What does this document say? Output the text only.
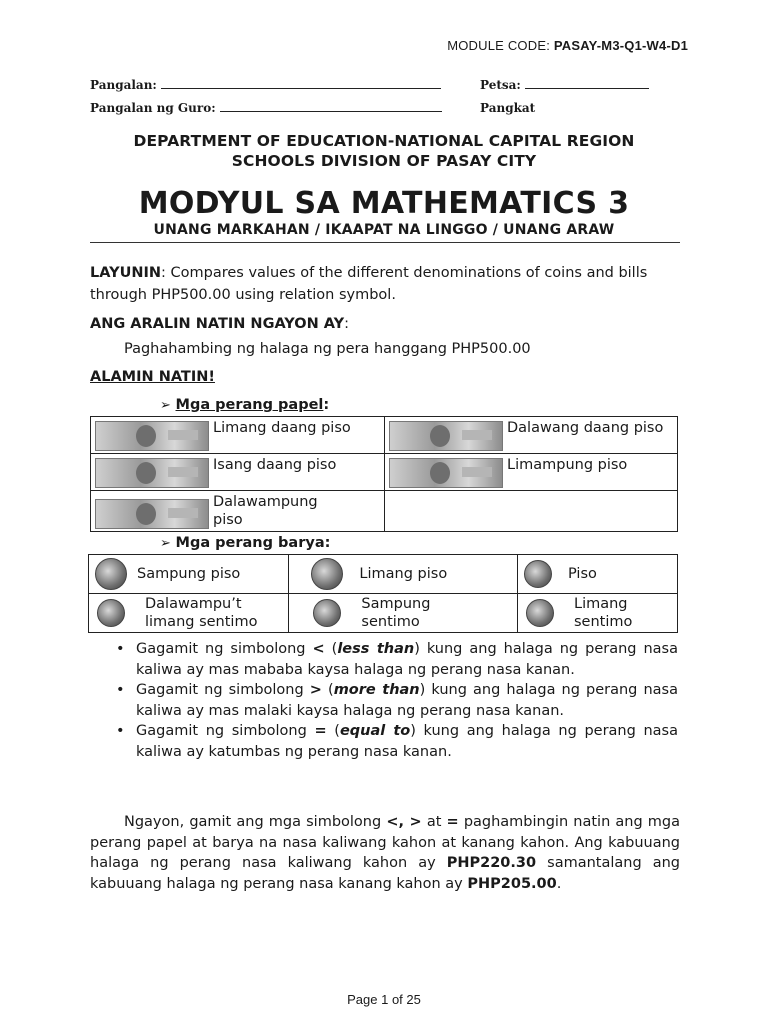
MODULE CODE: PASAY-M3-Q1-W4-D1
Pangalan:	Petsa:
Pangalan ng Guro:	Pangkat
DEPARTMENT OF EDUCATION-NATIONAL CAPITAL REGION
SCHOOLS DIVISION OF PASAY CITY
MODYUL SA MATHEMATICS 3
UNANG MARKAHAN / IKAAPAT NA LINGGO / UNANG ARAW
LAYUNIN: Compares values of the different denominations of coins and bills through PHP500.00 using relation symbol.
ANG ARALIN NATIN NGAYON AY:
Paghahambing ng halaga ng pera hanggang PHP500.00
ALAMIN NATIN!
➢ Mga perang papel:
Limang daang piso	Dalawang daang piso

Isang daang piso	Limampung piso

Dalawampung piso	

➢ Mga perang barya:
Sampung piso	Limang piso	Piso

Dalawampu’t limang sentimo	Sampung sentimo	Limang sentimo
• Gagamit ng simbolong < (less than) kung ang halaga ng perang nasa kaliwa ay mas mababa kaysa halaga ng perang nasa kanan.
• Gagamit ng simbolong > (more than) kung ang halaga ng perang nasa kaliwa ay mas malaki kaysa halaga ng perang nasa kanan.
• Gagamit ng simbolong = (equal to) kung ang halaga ng perang nasa kaliwa ay katumbas ng perang nasa kanan.
Ngayon, gamit ang mga simbolong <, > at = paghambingin natin ang mga perang papel at barya na nasa kaliwang kahon at kanang kahon. Ang kabuuang halaga ng perang nasa kaliwang kahon ay PHP220.30 samantalang ang kabuuang halaga ng perang nasa kanang kahon ay PHP205.00.
Page 1 of 25
